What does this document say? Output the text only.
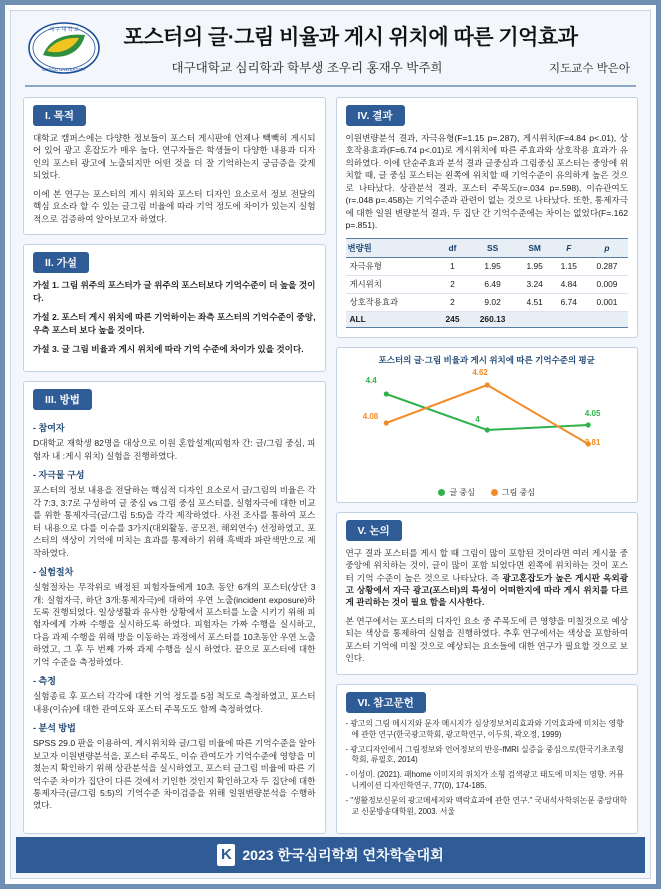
대 구 대 학 교
DAEGU UNIVERSITY
포스터의 글·그림 비율과 게시 위치에 따른 기억효과
대구대학교 심리학과 학부생 조우리 홍재우 박주희	지도교수 박은아
I. 목적

대학교 캠퍼스에는 다양한 정보들이 포스터 게시판에 언제나 빽빽히 게시되어 있어 광고 혼잡도가 매우 높다. 연구자들은 학생들이 다양한 내용과 디자인의 포스터 광고에 노출되지만 어떤 것을 더 잘 기억하는지 궁금증을 갖게 되었다.

이에 본 연구는 포스터의 게시 위치와 포스터 디자인 요소로서 정보 전달의 핵심 요소라 할 수 있는 글그림 비율에 따라 기억 정도에 차이가 있는지 실험적으로 검증하여 알아보고자 하였다.

II. 가설
가설 1. 그림 위주의 포스터가 글 위주의 포스터보다 기억수준이 더 높을 것이다.
가설 2. 포스터 게시 위치에 따른 기억하이는 좌측 포스터의 기억수준이 중앙, 우측 포스터 보다 높을 것이다.
가설 3. 글 그림 비율과 게시 위치에 따라 기억 수준에 차이가 있을 것이다.
III. 방법
- 참여자

D대학교 재학생 82명을 대상으로 이원 혼합설계(피험자 간: 글/그림 중심, 피험자 내 :게시 위치) 실험을 진행하였다.

- 자극물 구성

포스터의 정보 내용을 전달하는 핵심적 디자인 요소로서 글/그림의 비율은 각각 7:3, 3:7로 구성하여 글 중심 vs 그림 중심 포스터를, 실험자극에 대한 비교를 위한 통제자극(글/그림 5:5)을 각각 제작하였다. 사전 조사를 통하여 포스터 내용으로 다를 이슈를 3가지(대외활동, 공모전, 해외연수) 선정하였고, 포스터의 색상이 기억에 미치는 효과를 통제하기 위해 흑백과 파란색만으로 제작하였다.

- 실험절차

실험절차는 무작위로 배정된 피험자들에게 10초 동안 6개의 포스터(상단 3개: 실험자극, 하단 3개:통제자극)에 대하여 우연 노출(incident exposure)하도록 진행되었다. 일상생활과 유사한 상황에서 포스터를 노출 시키기 위해 피험자에게 가짜 수행을 실시하도록 하였다. 피험자는 가짜 수행을 실시하고, 다음 과제 수행을 위해 방을 이동하는 과정에서 포스터를 10초동안 우연 노출하였고, 그 후 두 번째 가짜 과제 수행을 실시 하였다. 끝으로 포스터에 대한 기억 수준을 측정하였다.

- 측정

실험종료 후 포스터 각각에 대한 기억 정도를 5점 척도로 측정하였고, 포스터 내용(이슈)에 대한 관여도와 포스터 주목도도 함께 측정하였다.

- 분석 방법

SPSS 29.0 판을 이용하여, 게시위치와 글/그림 비율에 따른 기억수준을 알아보고자 이원변량분석을, 포스터 주목도, 이슈 관여도가 기억수준에 영향을 미쳤는지 확인하기 위해 상관분석을 실시하였고, 포스터 글그림 비율에 따른 기억수준 차이가 집단이 다른 것에서 기인한 것인지 확인하고자 두 집단에 대한 통제자극(글/그림 5:5)의 기억수준 차이검증을 위해 일원변량분석을 수행하였다.

IV. 결과

이원변량분석 결과, 자극유형(F=1.15 p=.287), 게시위치(F=4.84 p<.01), 상호작용효과(F=6.74 p<.01)로 게시위치에 따른 주효과와 상호작용 효과가 유의하였다. 이에 단순주효과 분석 결과 글중심과 그림중심 포스터는 중앙에 위치할 때, 글 중심 포스터는 왼쪽에 위치할 때 기억수준이 유의하게 높은 것으로 나타났다. 상관분석 결과, 포스터 주목도(r=.034 p=.598), 이슈관여도(r=.048 p=.458)는 기억수준과 관련이 없는 것으로 나타났다. 또한, 통제자극에 대한 일원 변량분석 결과, 두 집단 간 기억수준에는 차이는 없었다(F=.162 p=.851).

변량원	df	SS	SM	F	p
자극유형	1	1.95	1.95	1.15	0.287
게시위치	2	6.49	3.24	4.84	0.009
상호작용효과	2	9.02	4.51	6.74	0.001
ALL	245	260.13			
포스터의 글·그림 비율과 게시 위치에 따른 기억수준의 평균
4.4
4
4.05
4.08
4.62
3.81
글 중심	그림 중심
V. 논의

연구 결과 포스터를 게시 할 때 그림이 많이 포함된 것이라면 여러 게시물 중 중앙에 위치하는 것이, 글이 많이 포함 되었다면 왼쪽에 위치하는 것이 포스터 기억 수준이 높은 것으로 나타났다. 즉 광고혼잡도가 높은 게시판 옥외광고 상황에서 자극 광고(포스터)의 특성이 어떠한지에 따라 게시 위치를 다르게 관리하는 것이 필요 함을 시사한다.

본 연구에서는 포스터의 디자인 요소 중 주목도에 큰 영향을 미칠것으로 예상되는 색상을 통제하여 실험을 진행하였다. 추후 연구에서는 색상을 포함하여 포스터 기억에 미칠 것으로 예상되는 요소들에 대한 연구가 필요할 것으로 보인다.

VI. 참고문헌
- 광고의 그림 메시지와 문자 메시지가 심상정보처리효과와 기억효과에 미치는 영향에 관한 연구(한국광고학회, 광고학연구, 이두희, 곽오정, 1999)
- 광고디자인에서 그림정보와 언어정보의 반응-fMRI 실증을 중심으로(한국기초조형학회, 류필호, 2014)
- 이성미. (2021). 패home 이미지의 위치가 소형 검색광고 태도에 미치는 영향. 커뮤니케이션 디자인학연구, 77(0), 174-185.
- "생활정보신문의 광고메세지와 맥락효과에 관한 연구." 국내석사학위논문 중앙대학교 신문방송대학원, 2003. 서울
K 2023 한국심리학회 연차학술대회
